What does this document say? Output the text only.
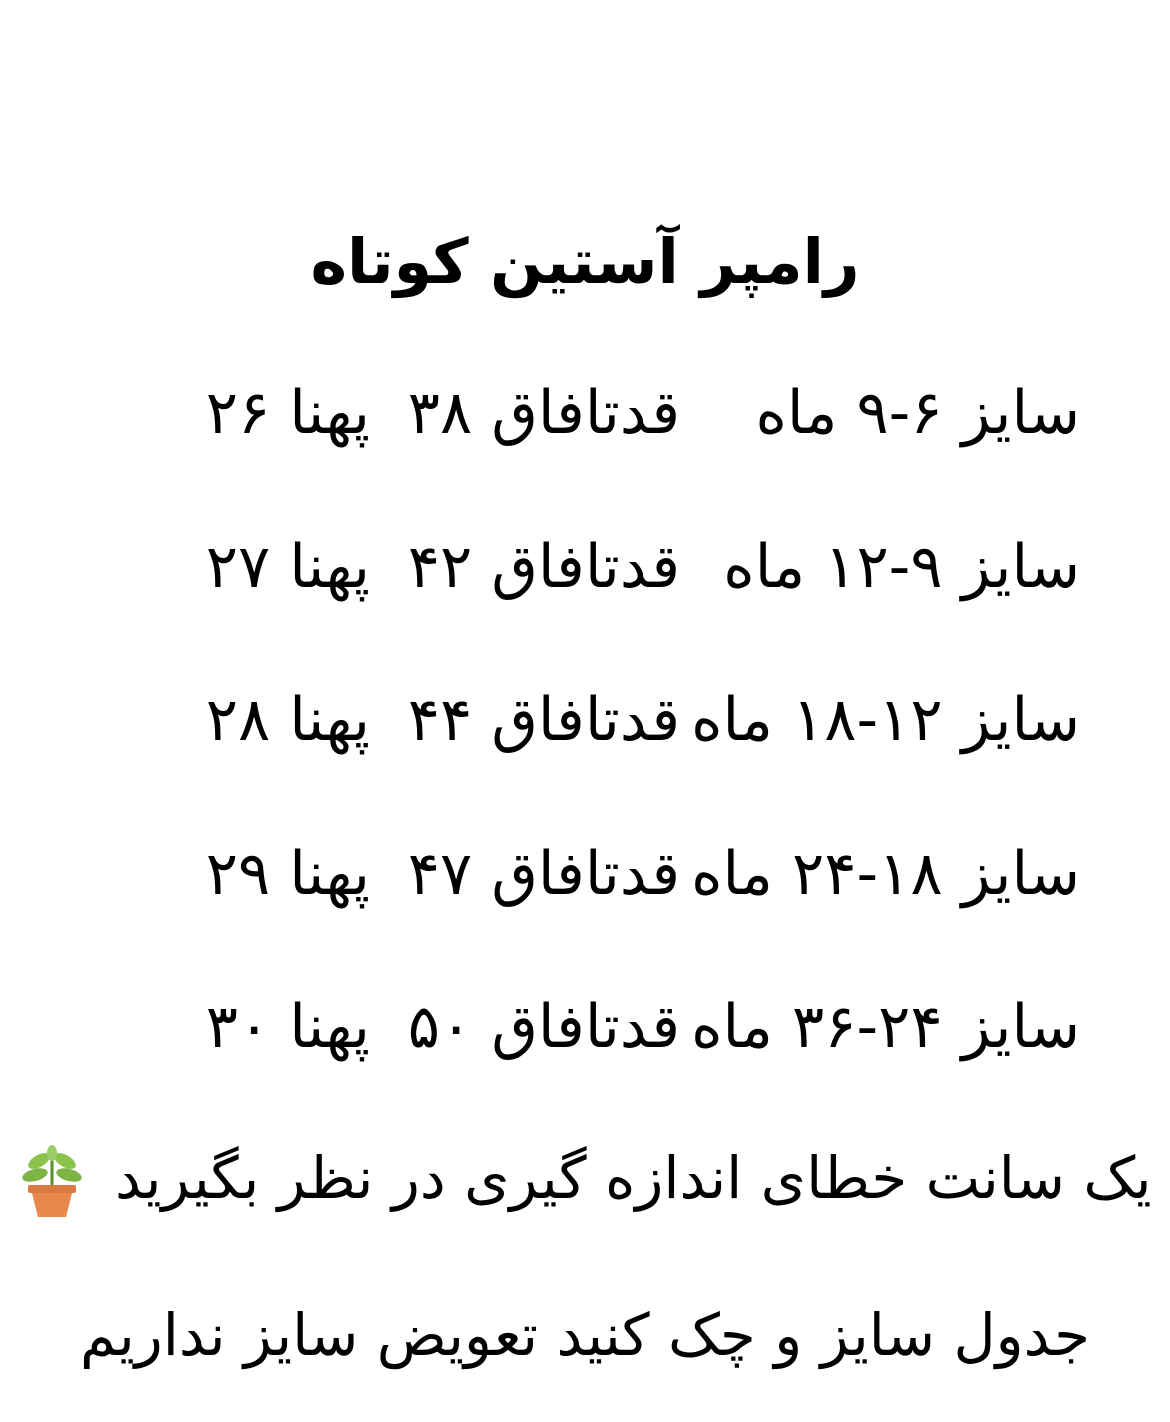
رامپر آستین کوتاه
سایز ۶-۹ ماه
قدتافاق ۳۸
پهنا ۲۶
سایز ۹-۱۲ ماه
قدتافاق ۴۲
پهنا ۲۷
سایز ۱۲-۱۸ ماه
قدتافاق ۴۴
پهنا ۲۸
سایز ۱۸-۲۴ ماه
قدتافاق ۴۷
پهنا ۲۹
سایز ۲۴-۳۶ ماه
قدتافاق ۵۰
پهنا ۳۰
یک سانت خطای اندازه گیری در نظر بگیرید
جدول سایز و چک کنید تعویض سایز نداریم
